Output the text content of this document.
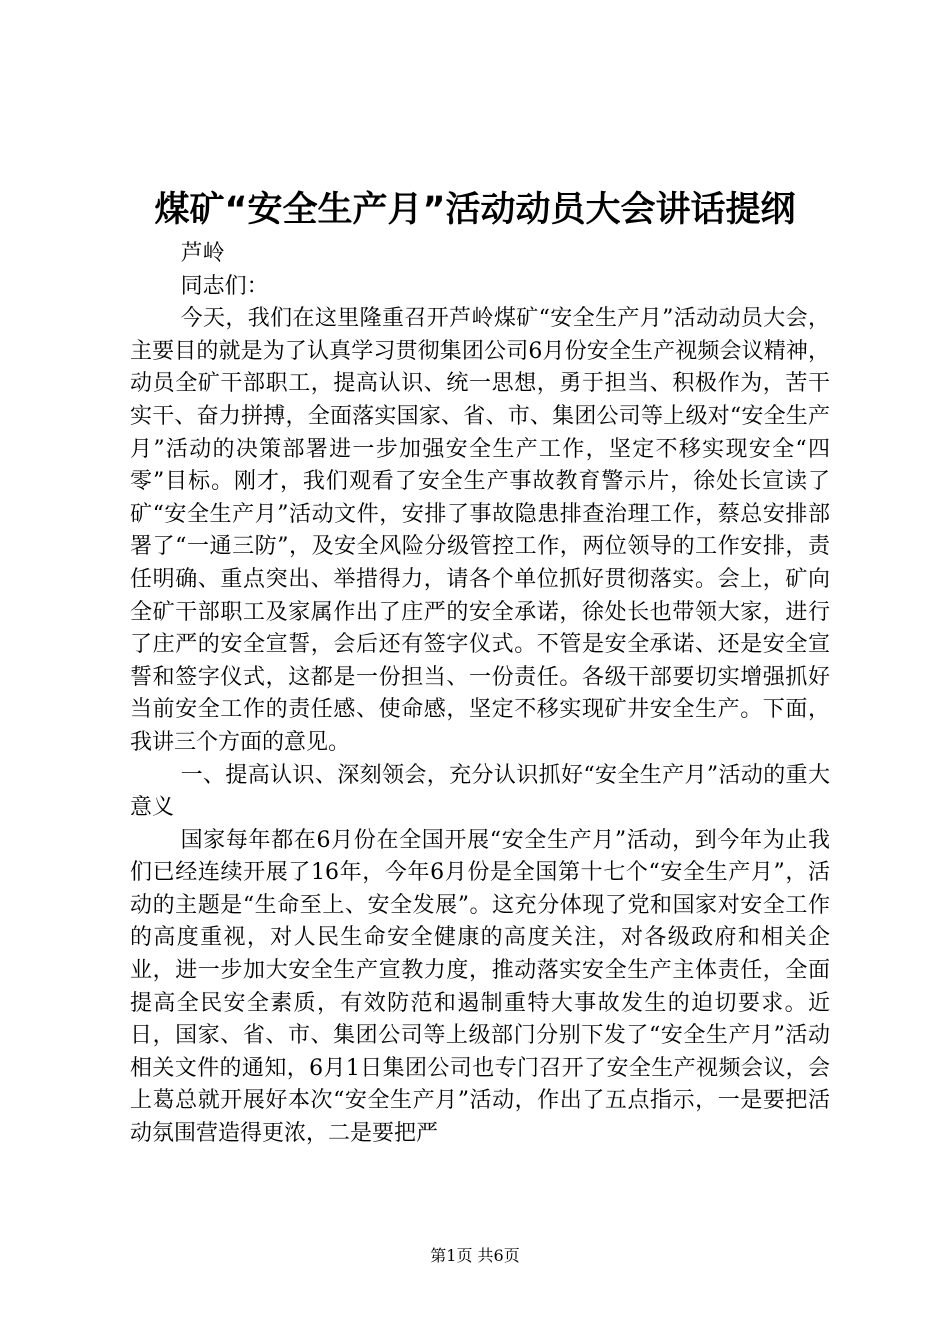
煤矿“安全生产月”活动动员大会讲话提纲

芦岭

同志们：

今天，我们在这里隆重召开芦岭煤矿“安全生产月”活动动员大会，主要目的就是为了认真学习贯彻集团公司6月份安全生产视频会议精神，动员全矿干部职工，提高认识、统一思想，勇于担当、积极作为，苦干实干、奋力拼搏，全面落实国家、省、市、集团公司等上级对“安全生产月”活动的决策部署进一步加强安全生产工作，坚定不移实现安全“四零”目标。刚才，我们观看了安全生产事故教育警示片，徐处长宣读了矿“安全生产月”活动文件，安排了事故隐患排查治理工作，蔡总安排部署了“一通三防”，及安全风险分级管控工作，两位领导的工作安排，责任明确、重点突出、举措得力，请各个单位抓好贯彻落实。会上，矿向全矿干部职工及家属作出了庄严的安全承诺，徐处长也带领大家，进行了庄严的安全宣誓，会后还有签字仪式。不管是安全承诺、还是安全宣誓和签字仪式，这都是一份担当、一份责任。各级干部要切实增强抓好当前安全工作的责任感、使命感，坚定不移实现矿井安全生产。下面，我讲三个方面的意见。

一、提高认识、深刻领会，充分认识抓好“安全生产月”活动的重大意义

国家每年都在6月份在全国开展“安全生产月”活动，到今年为止我们已经连续开展了16年，今年6月份是全国第十七个“安全生产月”，活动的主题是“生命至上、安全发展”。这充分体现了党和国家对安全工作的高度重视，对人民生命安全健康的高度关注，对各级政府和相关企业，进一步加大安全生产宣教力度，推动落实安全生产主体责任，全面提高全民安全素质，有效防范和遏制重特大事故发生的迫切要求。近日，国家、省、市、集团公司等上级部门分别下发了“安全生产月”活动相关文件的通知，6月1日集团公司也专门召开了安全生产视频会议，会上葛总就开展好本次“安全生产月”活动，作出了五点指示，一是要把活动氛围营造得更浓，二是要把严

第1页 共6页
